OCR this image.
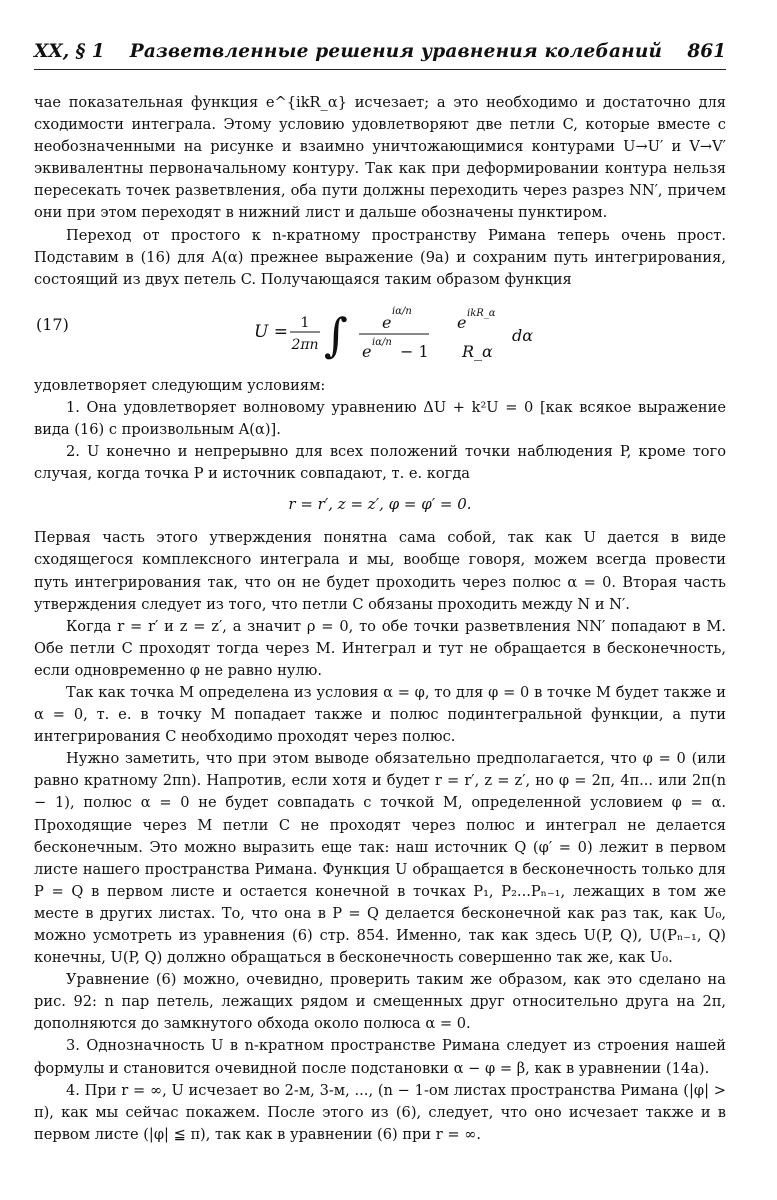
XX, § 1 Разветвленные решения уравнения колебаний 861

чае показательная функция e^{ikR_α} исчезает; а это необходимо и достаточно для сходимости интеграла. Этому условию удовлетворяют две петли C, которые вместе с необозначенными на рисунке и взаимно уничтожающимися контурами U→U′ и V→V′ эквивалентны первоначальному контуру. Так как при деформировании контура нельзя пересекать точек разветвления, оба пути должны переходить через разрез NN′, причем они при этом переходят в нижний лист и дальше обозначены пунктиром.

Переход от простого к n-кратному пространству Римана теперь очень прост. Подставим в (16) для A(α) прежнее выражение (9a) и сохраним путь интегрирования, состоящий из двух петель C. Получающаяся таким образом функция

(17)	U = 1
2πn ∫ e
iα/n
e iα/n − 1
e ikR_α
R_α
dα

удовлетворяет следующим условиям:

1. Она удовлетворяет волновому уравнению ΔU + k²U = 0 [как всякое выражение вида (16) с произвольным A(α)].

2. U конечно и непрерывно для всех положений точки наблюдения P, кроме того случая, когда точка P и источник совпадают, т. е. когда

r = r′, z = z′, φ = φ′ = 0.

Первая часть этого утверждения понятна сама собой, так как U дается в виде сходящегося комплексного интеграла и мы, вообще говоря, можем всегда провести путь интегрирования так, что он не будет проходить через полюс α = 0. Вторая часть утверждения следует из того, что петли C обязаны проходить между N и N′.

Когда r = r′ и z = z′, а значит ρ = 0, то обе точки разветвления NN′ попадают в M. Обе петли C проходят тогда через M. Интеграл и тут не обращается в бесконечность, если одновременно φ не равно нулю.

Так как точка M определена из условия α = φ, то для φ = 0 в точке M будет также и α = 0, т. е. в точку M попадает также и полюс подинтегральной функции, а пути интегрирования C необходимо проходят через полюс.

Нужно заметить, что при этом выводе обязательно предполагается, что φ = 0 (или равно кратному 2πn). Напротив, если хотя и будет r = r′, z = z′, но φ = 2π, 4π... или 2π(n − 1), полюс α = 0 не будет совпадать с точкой M, определенной условием φ = α. Проходящие через M петли C не проходят через полюс и интеграл не делается бесконечным. Это можно выразить еще так: наш источник Q (φ′ = 0) лежит в первом листе нашего пространства Римана. Функция U обращается в бесконечность только для P = Q в первом листе и остается конечной в точках P₁, P₂...Pₙ₋₁, лежащих в том же месте в других листах. То, что она в P = Q делается бесконечной как раз так, как U₀, можно усмотреть из уравнения (6) стр. 854. Именно, так как здесь U(P, Q), U(Pₙ₋₁, Q) конечны, U(P, Q) должно обращаться в бесконечность совершенно так же, как U₀.

Уравнение (6) можно, очевидно, проверить таким же образом, как это сделано на рис. 92: n пар петель, лежащих рядом и смещенных друг относительно друга на 2π, дополняются до замкнутого обхода около полюса α = 0.

3. Однозначность U в n-кратном пространстве Римана следует из строения нашей формулы и становится очевидной после подстановки α − φ = β, как в уравнении (14a).

4. При r = ∞, U исчезает во 2-м, 3-м, ..., (n − 1-ом листах пространства Римана (|φ| > π), как мы сейчас покажем. После этого из (6), следует, что оно исчезает также и в первом листе (|φ| ≦ π), так как в уравнении (6) при r = ∞.
